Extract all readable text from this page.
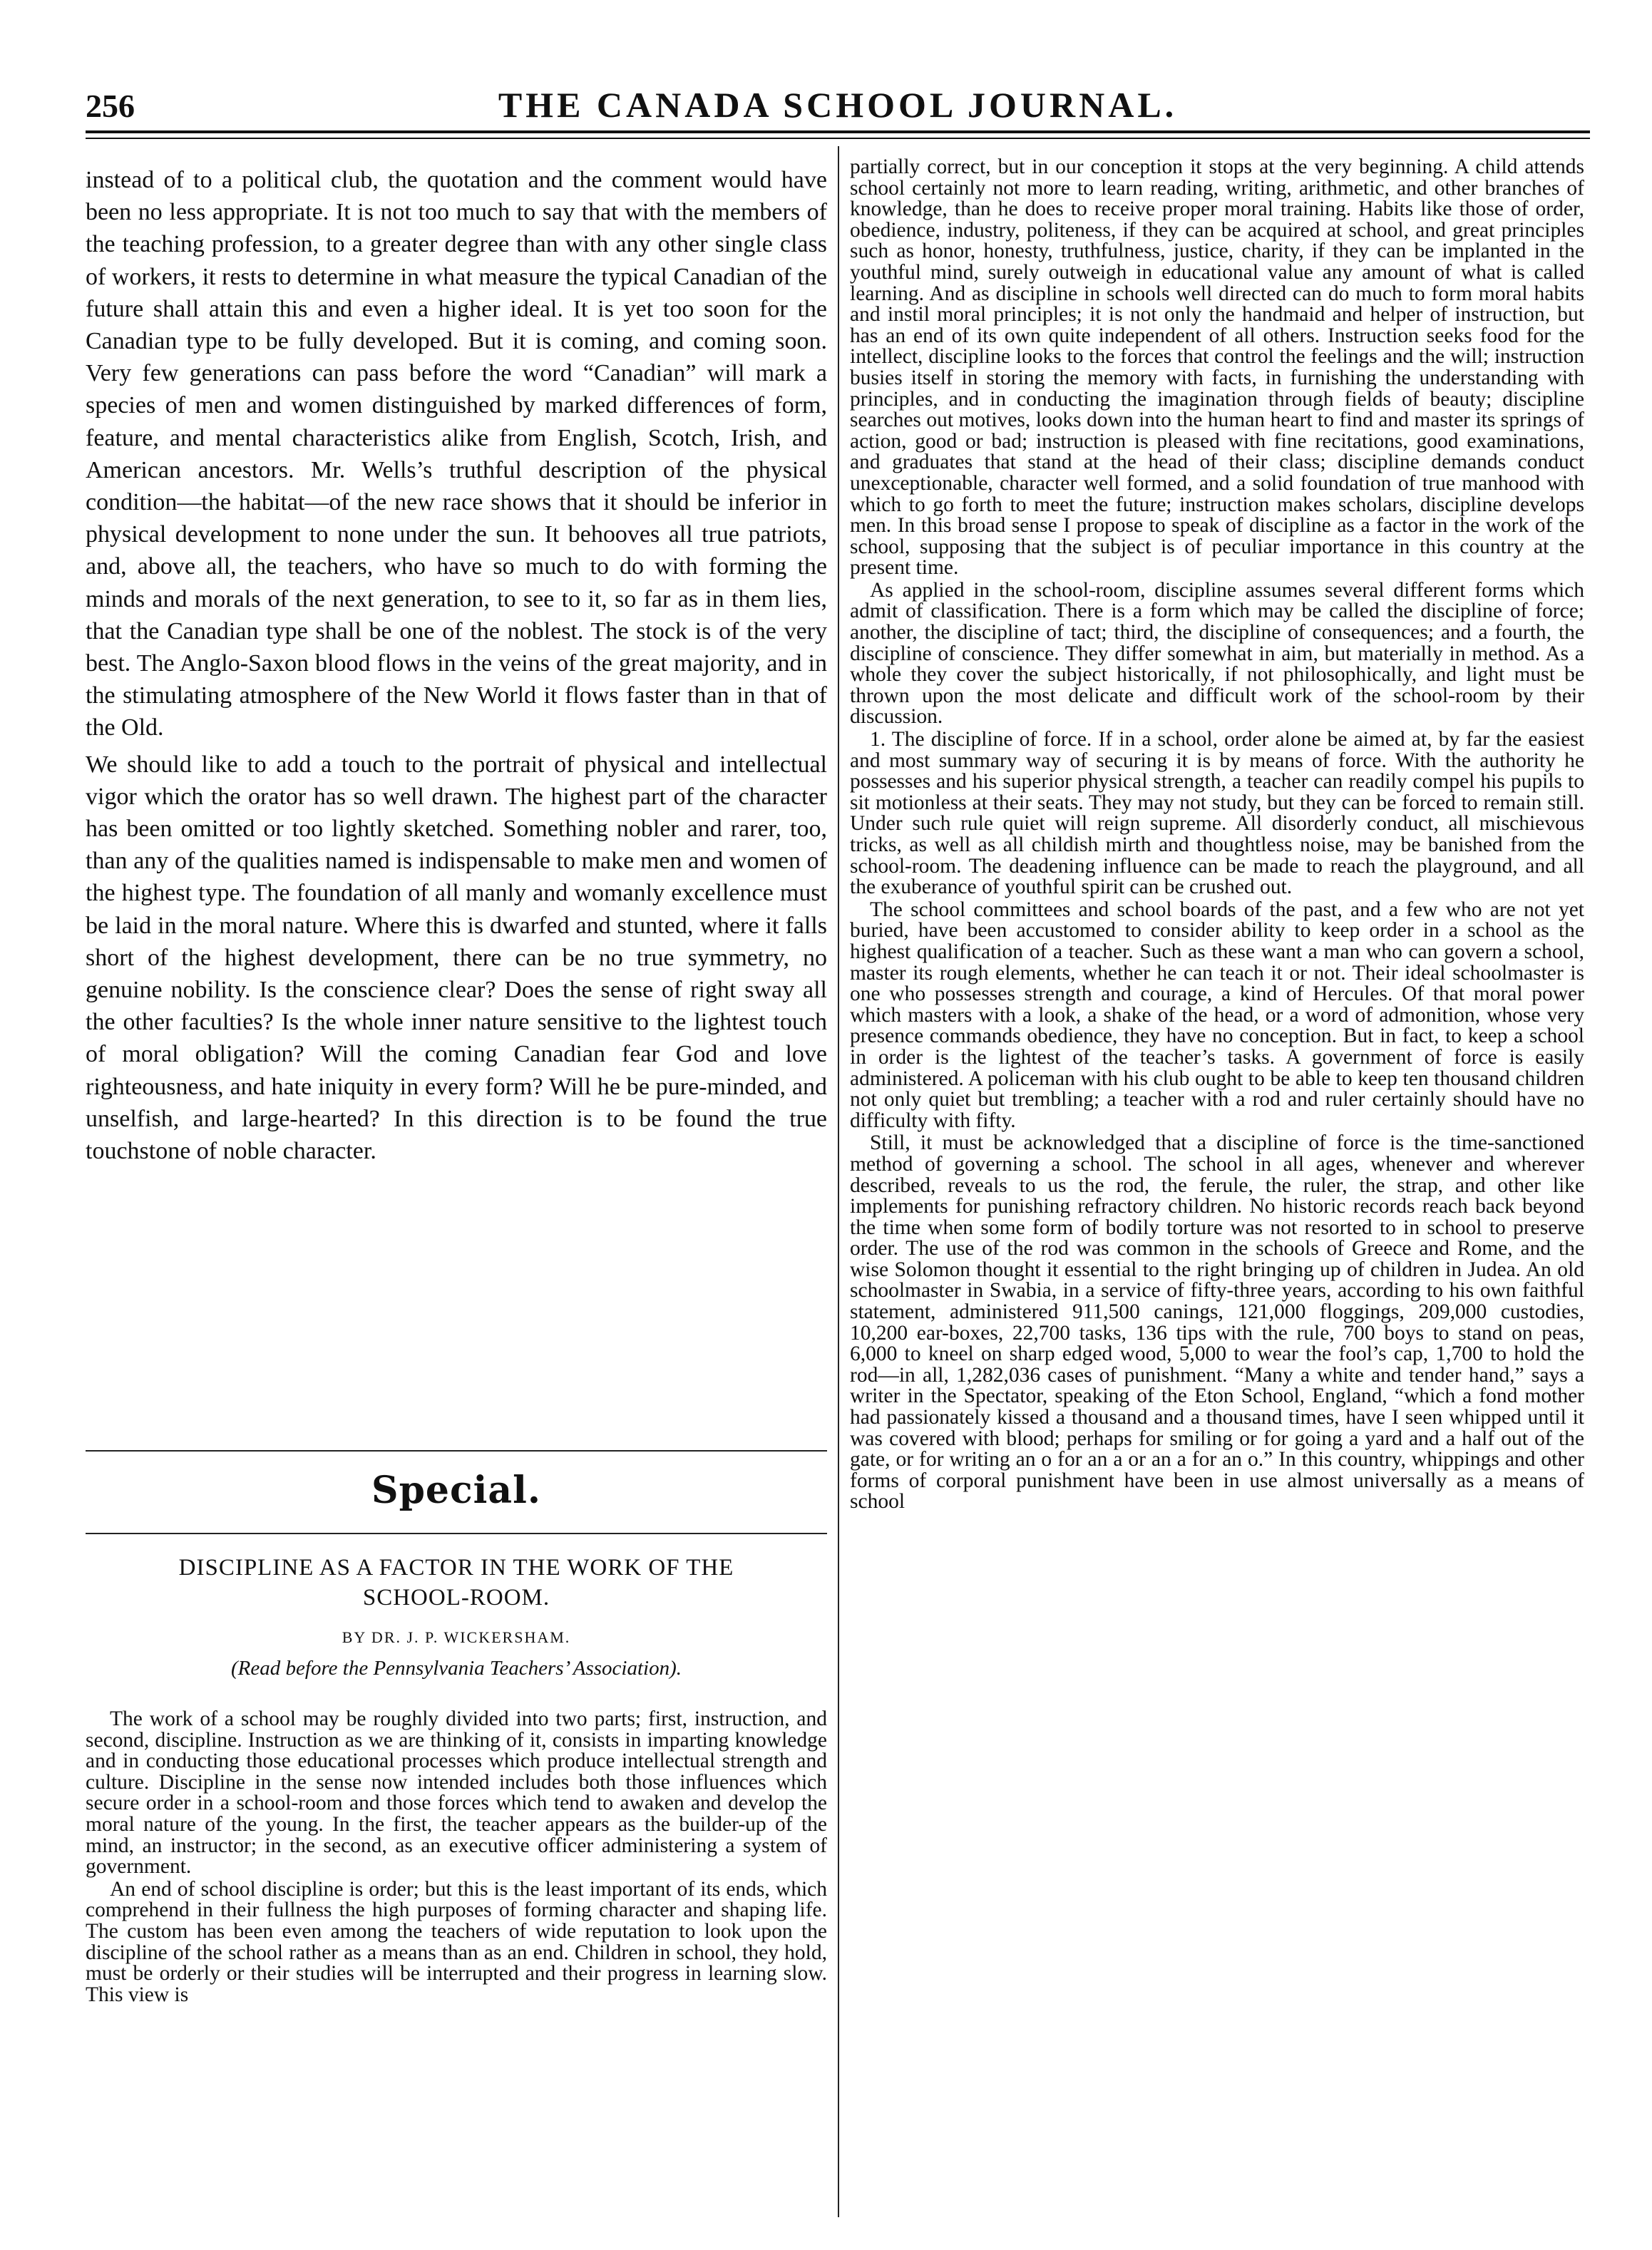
256	THE CANADA SCHOOL JOURNAL.

instead of to a political club, the quotation and the comment would have been no less appropriate. It is not too much to say that with the members of the teaching profession, to a greater degree than with any other single class of workers, it rests to determine in what measure the typical Canadian of the future shall attain this and even a higher ideal. It is yet too soon for the Canadian type to be fully developed. But it is coming, and coming soon. Very few generations can pass before the word “Canadian” will mark a species of men and women distinguished by marked differences of form, feature, and mental characteristics alike from English, Scotch, Irish, and American ancestors. Mr. Wells’s truthful description of the physical condition—the habitat—of the new race shows that it should be inferior in physical development to none under the sun. It behooves all true patriots, and, above all, the teachers, who have so much to do with forming the minds and morals of the next generation, to see to it, so far as in them lies, that the Canadian type shall be one of the noblest. The stock is of the very best. The Anglo-Saxon blood flows in the veins of the great majority, and in the stimulating atmosphere of the New World it flows faster than in that of the Old.

We should like to add a touch to the portrait of physical and intellectual vigor which the orator has so well drawn. The highest part of the character has been omitted or too lightly sketched. Something nobler and rarer, too, than any of the qualities named is indispensable to make men and women of the highest type. The foundation of all manly and womanly excellence must be laid in the moral nature. Where this is dwarfed and stunted, where it falls short of the highest development, there can be no true symmetry, no genuine nobility. Is the conscience clear? Does the sense of right sway all the other faculties? Is the whole inner nature sensitive to the lightest touch of moral obligation? Will the coming Canadian fear God and love righteousness, and hate iniquity in every form? Will he be pure-minded, and unselfish, and large-hearted? In this direction is to be found the true touchstone of noble character.

Special.

DISCIPLINE AS A FACTOR IN THE WORK OF THE

SCHOOL-ROOM.

BY DR. J. P. WICKERSHAM.
(Read before the Pennsylvania Teachers’ Association).

The work of a school may be roughly divided into two parts; first, instruction, and second, discipline. Instruction as we are thinking of it, consists in imparting knowledge and in conducting those educational processes which produce intellectual strength and culture. Discipline in the sense now intended includes both those influences which secure order in a school-room and those forces which tend to awaken and develop the moral nature of the young. In the first, the teacher appears as the builder-up of the mind, an instructor; in the second, as an executive officer administering a system of government.

An end of school discipline is order; but this is the least important of its ends, which comprehend in their fullness the high purposes of forming character and shaping life. The custom has been even among the teachers of wide reputation to look upon the discipline of the school rather as a means than as an end. Children in school, they hold, must be orderly or their studies will be interrupted and their progress in learning slow. This view is

partially correct, but in our conception it stops at the very beginning. A child attends school certainly not more to learn reading, writing, arithmetic, and other branches of knowledge, than he does to receive proper moral training. Habits like those of order, obedience, industry, politeness, if they can be acquired at school, and great principles such as honor, honesty, truthfulness, justice, charity, if they can be implanted in the youthful mind, surely outweigh in educational value any amount of what is called learning. And as discipline in schools well directed can do much to form moral habits and instil moral principles; it is not only the handmaid and helper of instruction, but has an end of its own quite independent of all others. Instruction seeks food for the intellect, discipline looks to the forces that control the feelings and the will; instruction busies itself in storing the memory with facts, in furnishing the understanding with principles, and in conducting the imagination through fields of beauty; discipline searches out motives, looks down into the human heart to find and master its springs of action, good or bad; instruction is pleased with fine recitations, good examinations, and graduates that stand at the head of their class; discipline demands conduct unexceptionable, character well formed, and a solid foundation of true manhood with which to go forth to meet the future; instruction makes scholars, discipline develops men. In this broad sense I propose to speak of discipline as a factor in the work of the school, supposing that the subject is of peculiar importance in this country at the present time.

As applied in the school-room, discipline assumes several different forms which admit of classification. There is a form which may be called the discipline of force; another, the discipline of tact; third, the discipline of consequences; and a fourth, the discipline of conscience. They differ somewhat in aim, but materially in method. As a whole they cover the subject historically, if not philosophically, and light must be thrown upon the most delicate and difficult work of the school-room by their discussion.

1. The discipline of force. If in a school, order alone be aimed at, by far the easiest and most summary way of securing it is by means of force. With the authority he possesses and his superior physical strength, a teacher can readily compel his pupils to sit motionless at their seats. They may not study, but they can be forced to remain still. Under such rule quiet will reign supreme. All disorderly conduct, all mischievous tricks, as well as all childish mirth and thoughtless noise, may be banished from the school-room. The deadening influence can be made to reach the playground, and all the exuberance of youthful spirit can be crushed out.

The school committees and school boards of the past, and a few who are not yet buried, have been accustomed to consider ability to keep order in a school as the highest qualification of a teacher. Such as these want a man who can govern a school, master its rough elements, whether he can teach it or not. Their ideal schoolmaster is one who possesses strength and courage, a kind of Hercules. Of that moral power which masters with a look, a shake of the head, or a word of admonition, whose very presence commands obedience, they have no conception. But in fact, to keep a school in order is the lightest of the teacher’s tasks. A government of force is easily administered. A policeman with his club ought to be able to keep ten thousand children not only quiet but trembling; a teacher with a rod and ruler certainly should have no difficulty with fifty.

Still, it must be acknowledged that a discipline of force is the time-sanctioned method of governing a school. The school in all ages, whenever and wherever described, reveals to us the rod, the ferule, the ruler, the strap, and other like implements for punishing refractory children. No historic records reach back beyond the time when some form of bodily torture was not resorted to in school to preserve order. The use of the rod was common in the schools of Greece and Rome, and the wise Solomon thought it essential to the right bringing up of children in Judea. An old schoolmaster in Swabia, in a service of fifty-three years, according to his own faithful statement, administered 911,500 canings, 121,000 floggings, 209,000 custodies, 10,200 ear-boxes, 22,700 tasks, 136 tips with the rule, 700 boys to stand on peas, 6,000 to kneel on sharp edged wood, 5,000 to wear the fool’s cap, 1,700 to hold the rod—in all, 1,282,036 cases of punishment. “Many a white and tender hand,” says a writer in the Spectator, speaking of the Eton School, England, “which a fond mother had passionately kissed a thousand and a thousand times, have I seen whipped until it was covered with blood; perhaps for smiling or for going a yard and a half out of the gate, or for writing an o for an a or an a for an o.” In this country, whippings and other forms of corporal punishment have been in use almost universally as a means of school
